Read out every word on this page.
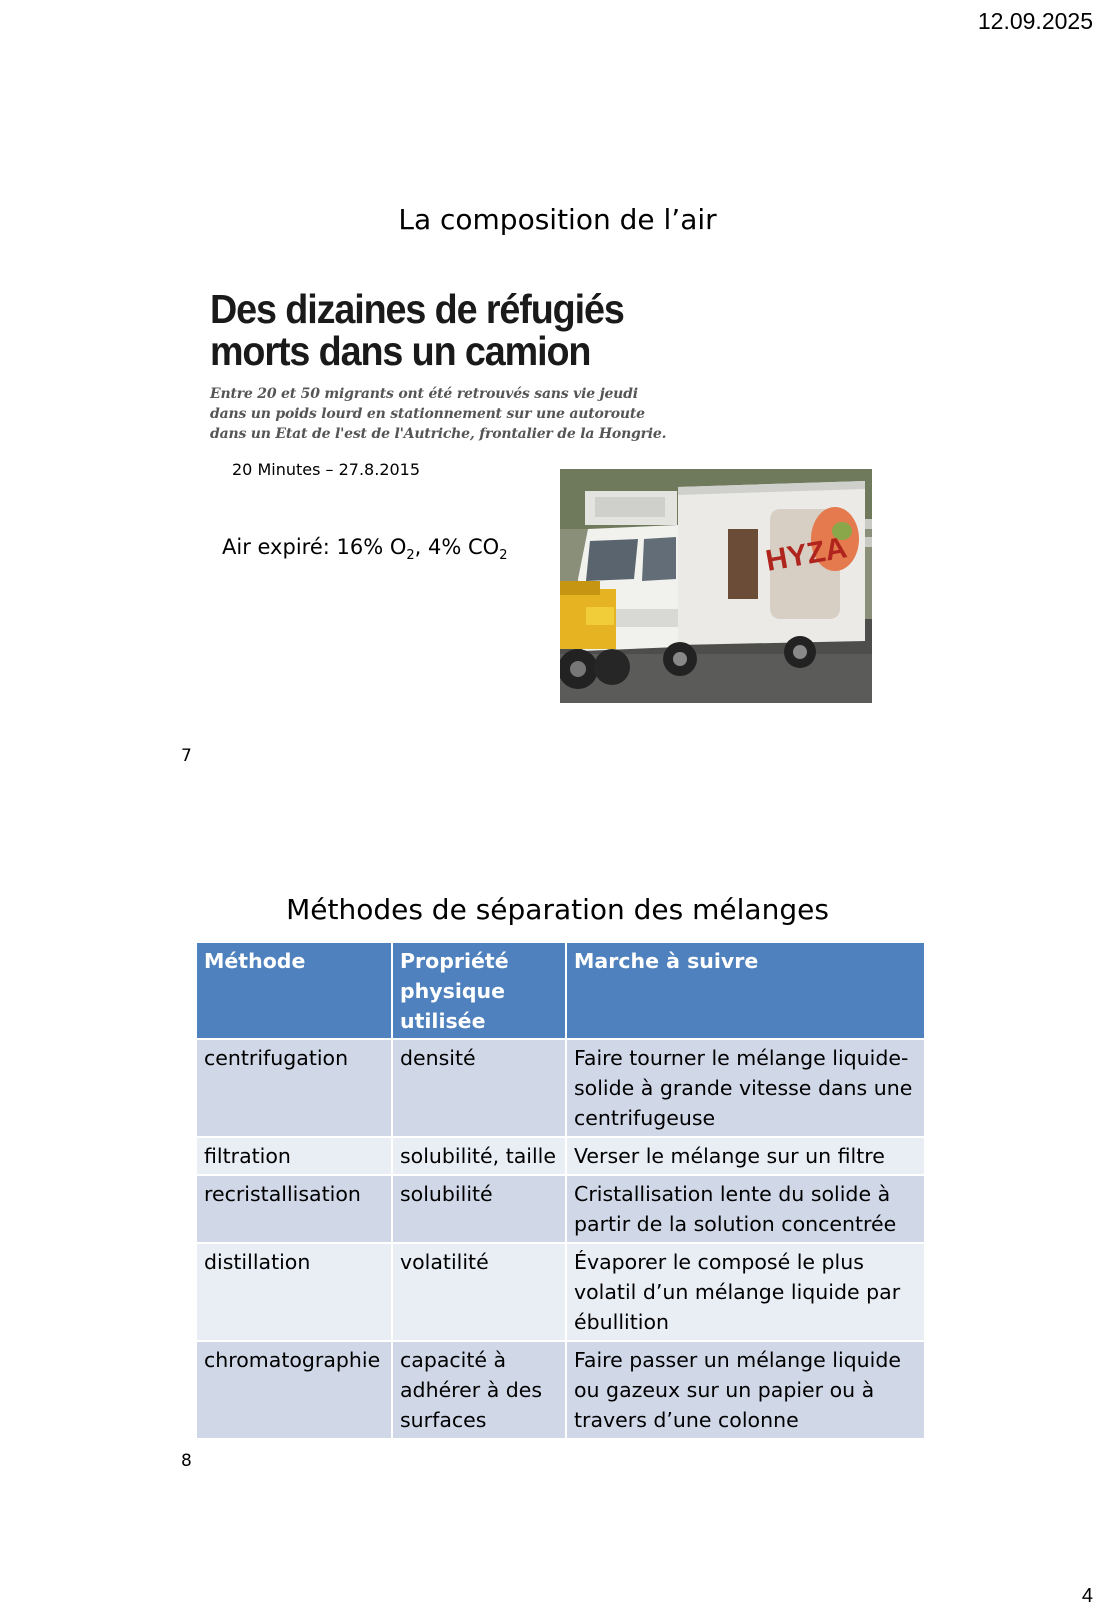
12.09.2025
La composition de l’air
Des dizaines de réfugiés
morts dans un camion
Entre 20 et 50 migrants ont été retrouvés sans vie jeudi dans un poids lourd en stationnement sur une autoroute dans un Etat de l'est de l'Autriche, frontalier de la Hongrie.
20 Minutes – 27.8.2015
Air expiré: 16% $O_2$, 4% $CO_2$	HYZA
7
Méthodes de séparation des mélanges
Méthode	Propriété physique utilisée	Marche à suivre
centrifugation	densité	Faire tourner le mélange liquide-solide à grande vitesse dans une centrifugeuse
filtration	solubilité, taille	Verser le mélange sur un filtre
recristallisation	solubilité	Cristallisation lente du solide à partir de la solution concentrée
distillation	volatilité	Évaporer le composé le plus volatil d’un mélange liquide par ébullition
chromatographie	capacité à adhérer à des surfaces	Faire passer un mélange liquide ou gazeux sur un papier ou à travers d’une colonne
8
4
